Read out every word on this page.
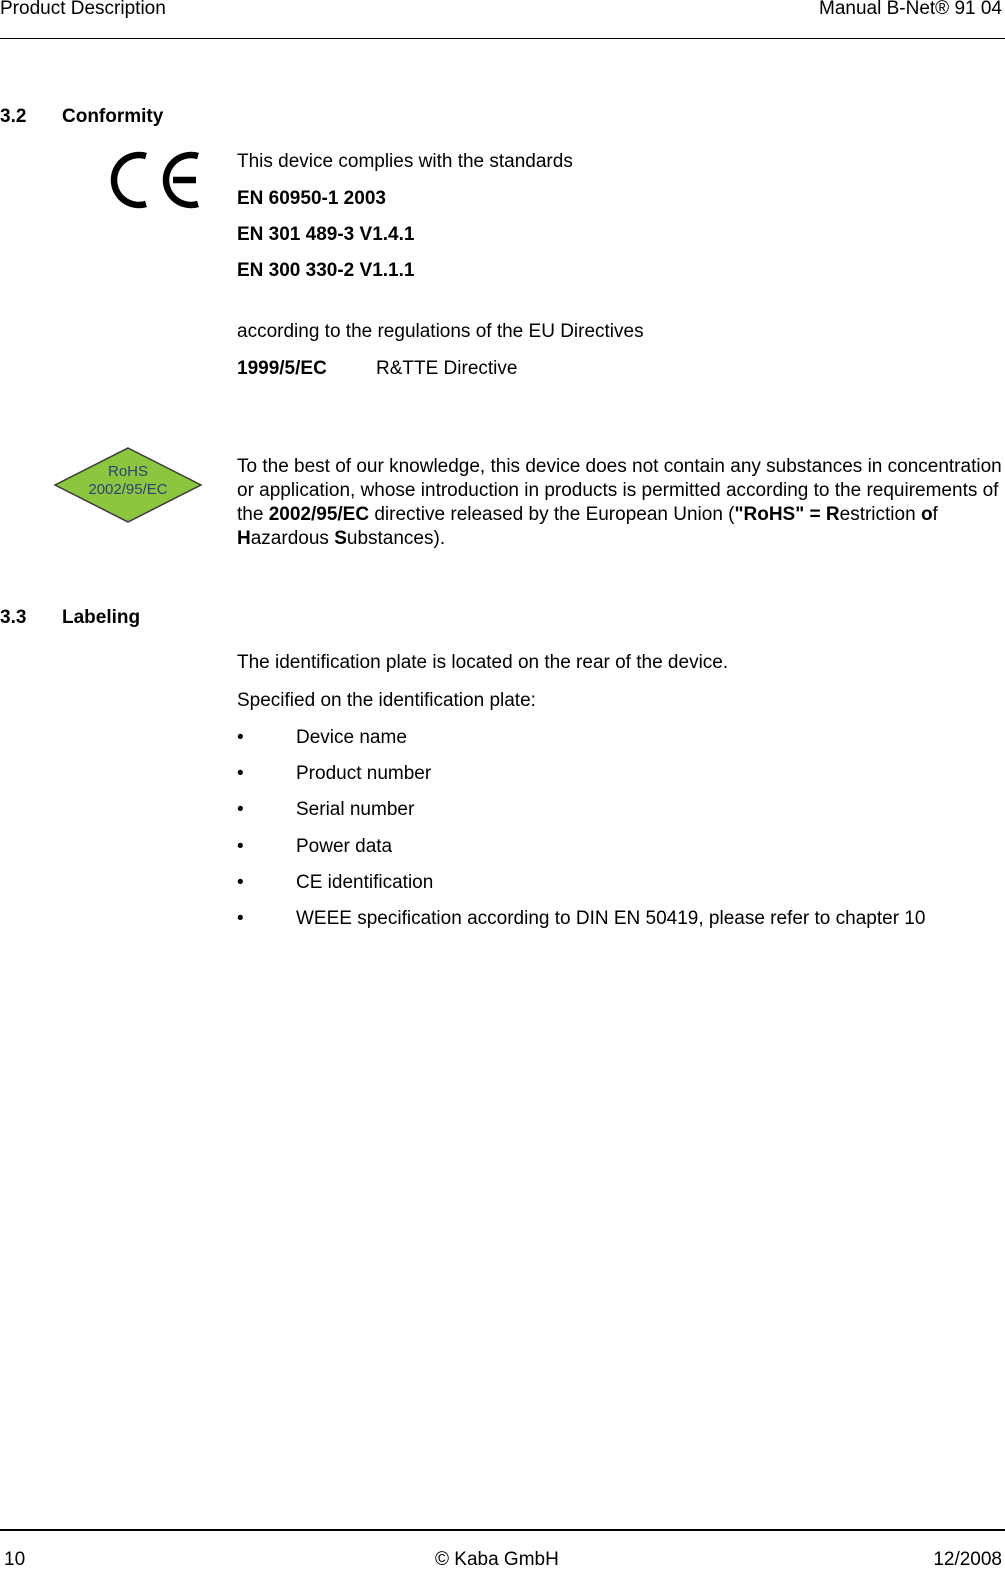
Product Description	Manual B-Net® 91 04
3.2 Conformity
This device complies with the standards
EN 60950-1 2003
EN 301 489-3 V1.4.1
EN 300 330-2 V1.1.1
according to the regulations of the EU Directives
1999/5/EC	R&TTE Directive
RoHS
2002/95/EC
To the best of our knowledge, this device does not contain any substances in concentration or application, whose introduction in products is permitted according to the requirements of the 2002/95/EC directive released by the European Union ("RoHS" = Restriction of Hazardous Substances).
3.3 Labeling
The identification plate is located on the rear of the device.
Specified on the identification plate:
•	Device name
•	Product number
•	Serial number
•	Power data
•	CE identification
•	WEEE specification according to DIN EN 50419, please refer to chapter 10
10	© Kaba GmbH	12/2008
